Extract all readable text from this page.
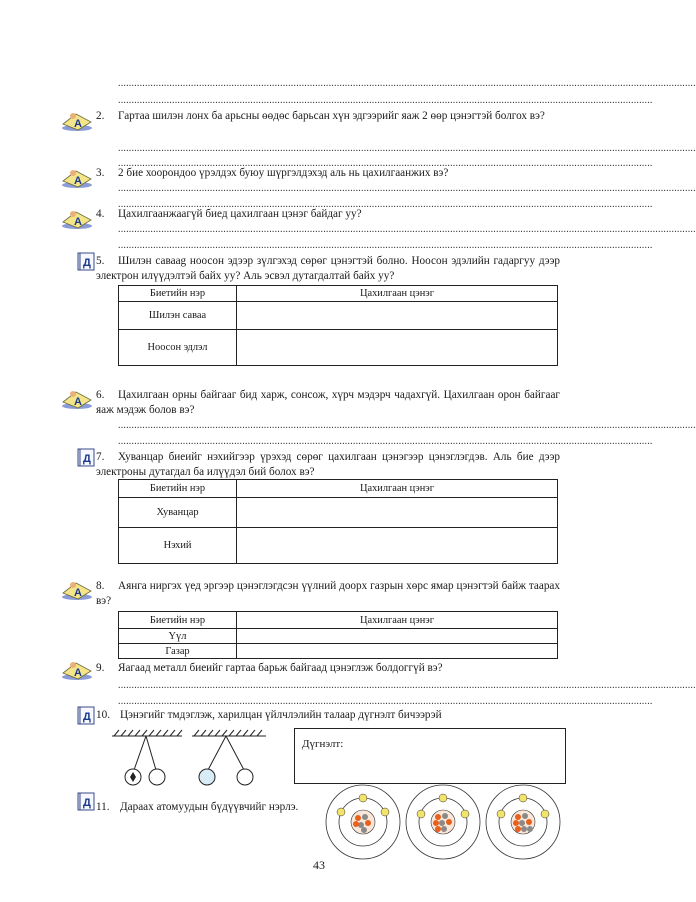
......................................................................................................................................................................................................................
......................................................................................................................................................................................................
A
2. Гартаа шилэн лонх ба арьсны өөдөс барьсан хүн эдгээрийг яаж 2 өөр цэнэгтэй болгох вэ?
......................................................................................................................................................................................................................
......................................................................................................................................................................................................
A
3. 2 бие хоорондоо үрэлдэх буюу шүргэлдэхэд аль нь цахилгаанжих вэ?
......................................................................................................................................................................................................................
......................................................................................................................................................................................................
A
4. Цахилгаанжаагүй биед цахилгаан цэнэг байдаг уу?
......................................................................................................................................................................................................................
......................................................................................................................................................................................................
Д 5. Шилэн саваag ноосон эдээр зүлгэхэд сөрөг цэнэгтэй болно. Ноосон эдэлийн гадаргуу дээр электрон илүүдэлтэй байх уу? Аль эсвэл дутагдалтай байх уу?
Биетийн нэр	Цахилгаан цэнэг
Шилэн саваа	
Ноосон эдлэл	
A
6. Цахилгаан орны байгааг бид харж, сонсож, хүрч мэдэрч чадахгүй. Цахилгаан орон байгааг яаж мэдэж болов вэ?
......................................................................................................................................................................................................................
......................................................................................................................................................................................................
Д 7. Хуванцар биеийг нэхийгээр үрэхэд сөрөг цахилгаан цэнэгээр цэнэглэгдэв. Аль бие дээр электроны дутагдал ба илүүдэл бий болох вэ?
Биетийн нэр	Цахилгаан цэнэг
Хуванцар	
Нэхий	
A
8. Аянга ниргэх үед эргээр цэнэглэгдсэн үүлний доорх газрын хөрс ямар цэнэгтэй байж таарах вэ?
Биетийн нэр	Цахилгаан цэнэг
Үүл	
Газар	
A 9. Яагаад металл биеийг гартаа барьж байгаад цэнэглэж болдоггүй вэ?
......................................................................................................................................................................................................................
......................................................................................................................................................................................................
Д 10. Цэнэгийг тмдэглэж, харилцан үйлчлэлийн талаар дүгнэлт бичээрэй
Дүгнэлт:
Д 11. Дараах атомуудын бүдүүвчийг нэрлэ.
43
